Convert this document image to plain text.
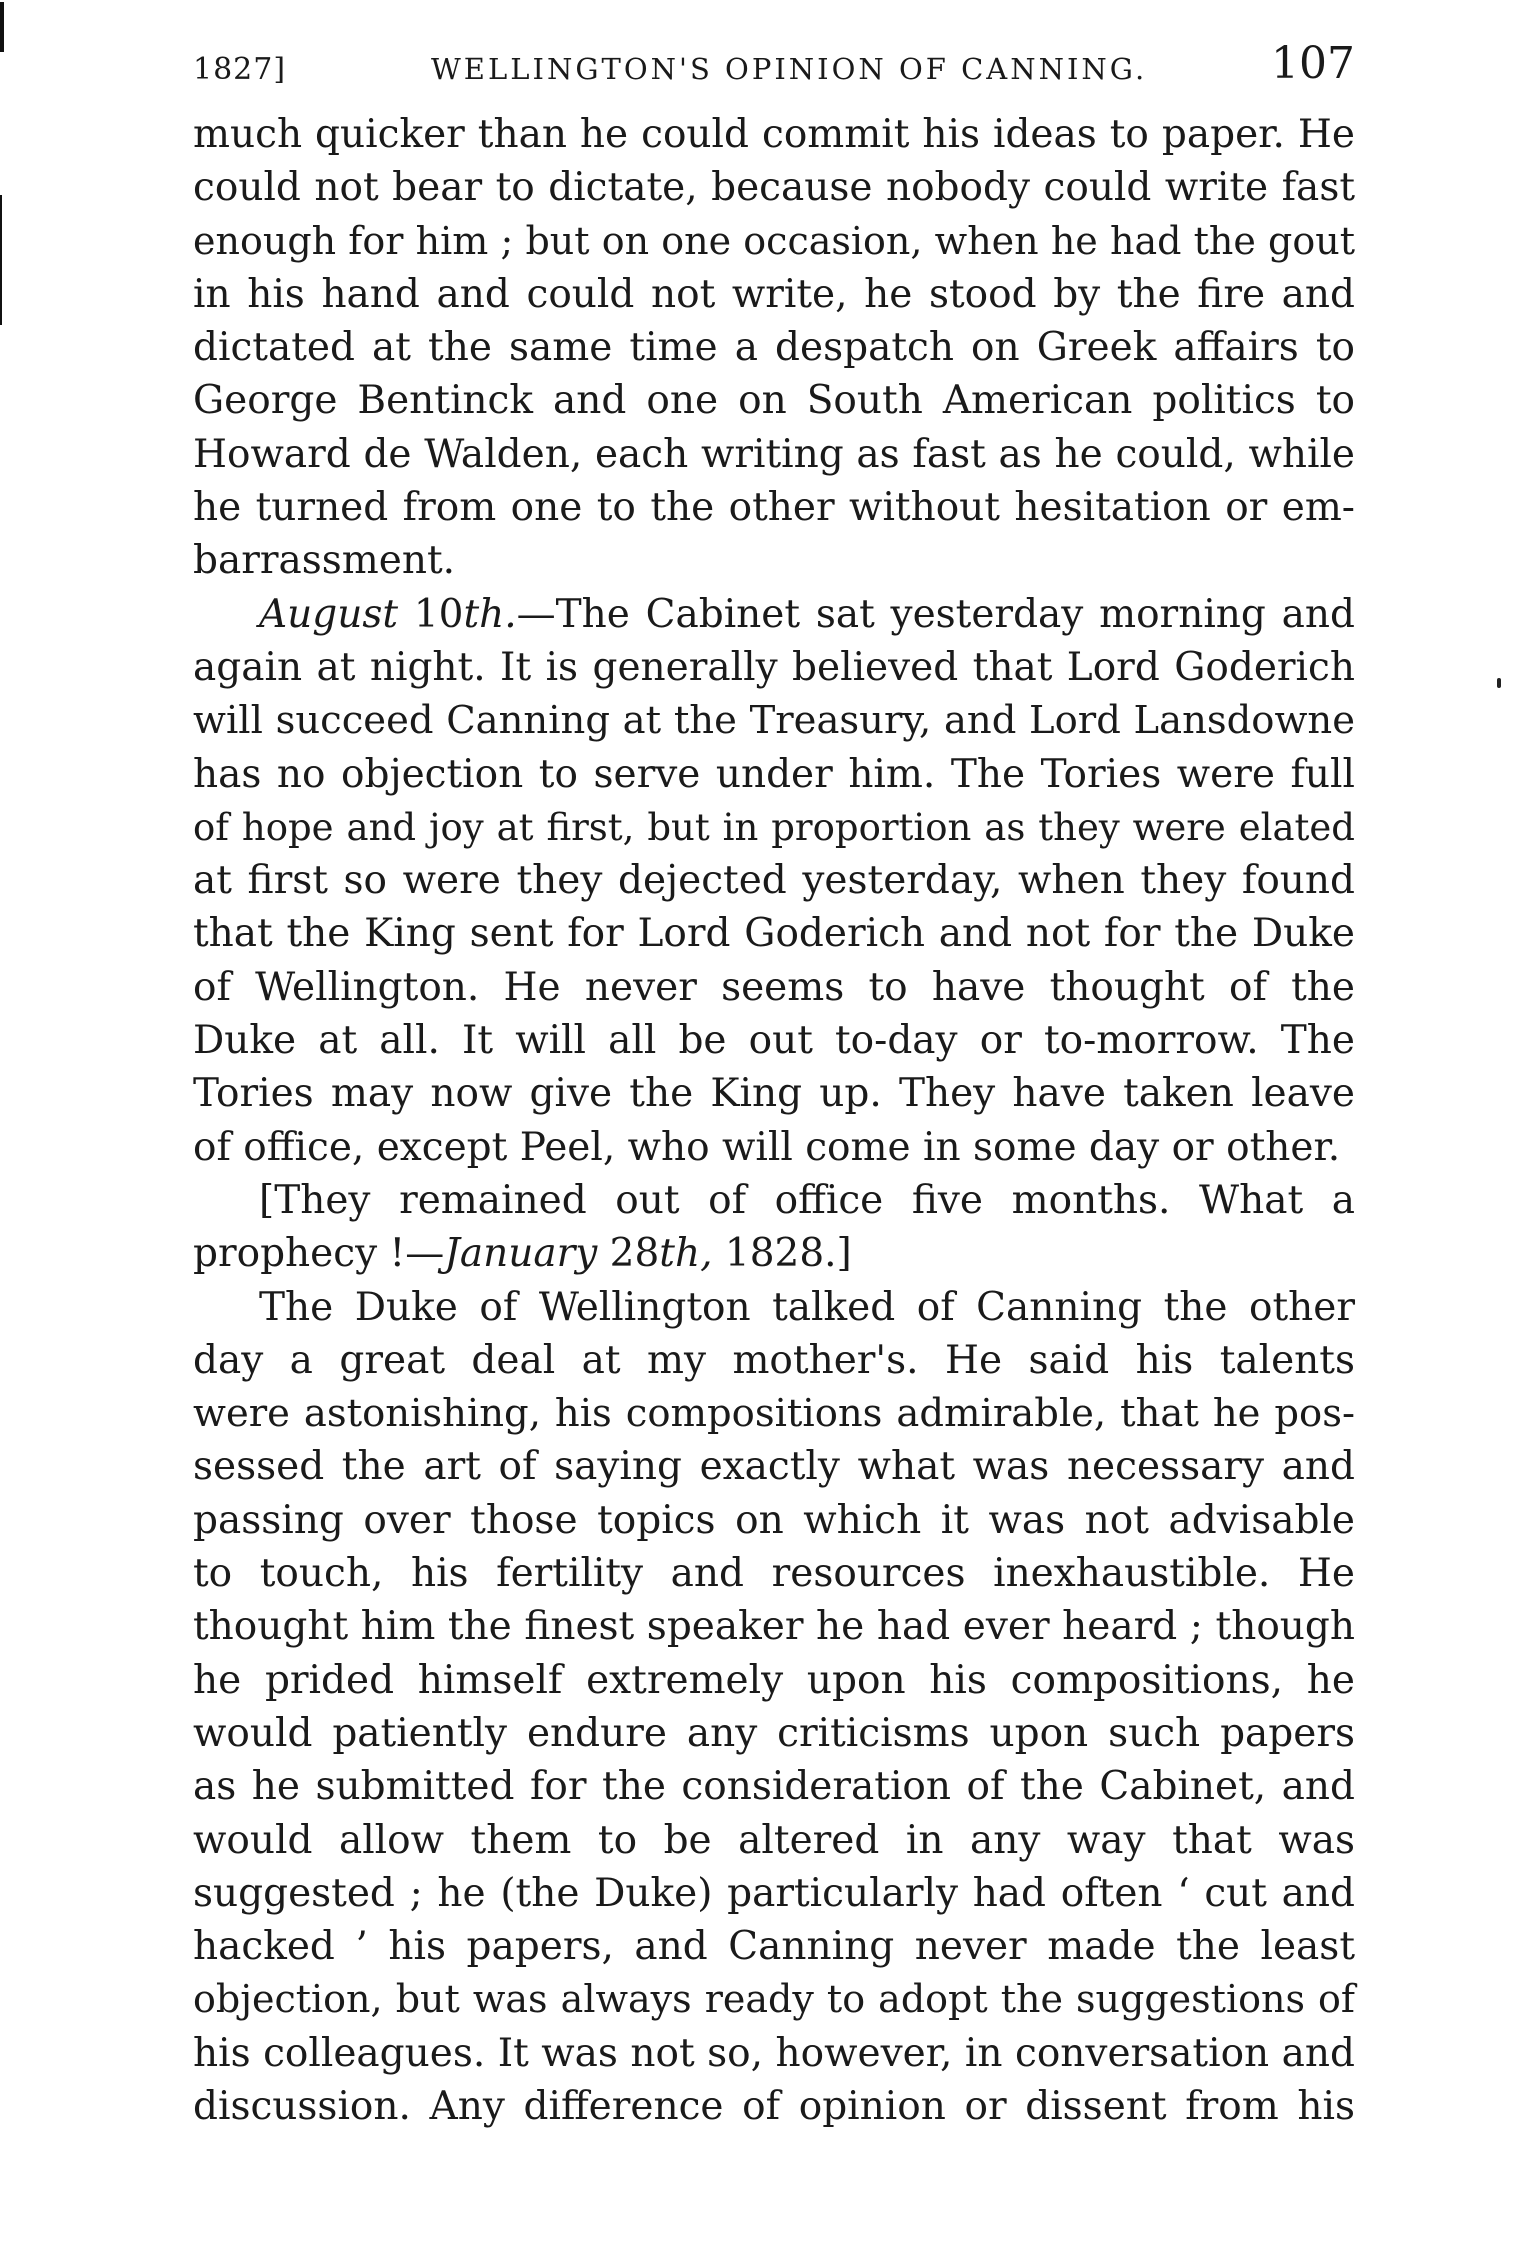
1827]	WELLINGTON'S OPINION OF CANNING.	107
much quicker than he could commit his ideas to paper. He
could not bear to dictate, because nobody could write fast
enough for him ; but on one occasion, when he had the gout
in his hand and could not write, he stood by the fire and
dictated at the same time a despatch on Greek affairs to
George Bentinck and one on South American politics to
Howard de Walden, each writing as fast as he could, while
he turned from one to the other without hesitation or em-
barrassment.
August 10th.—The Cabinet sat yesterday morning and
again at night. It is generally believed that Lord Goderich
will succeed Canning at the Treasury, and Lord Lansdowne
has no objection to serve under him. The Tories were full
of hope and joy at first, but in proportion as they were elated
at first so were they dejected yesterday, when they found
that the King sent for Lord Goderich and not for the Duke
of Wellington. He never seems to have thought of the
Duke at all. It will all be out to-day or to-morrow. The
Tories may now give the King up. They have taken leave
of office, except Peel, who will come in some day or other.
[They remained out of office five months. What a
prophecy !—January 28th, 1828.]
The Duke of Wellington talked of Canning the other
day a great deal at my mother's. He said his talents
were astonishing, his compositions admirable, that he pos-
sessed the art of saying exactly what was necessary and
passing over those topics on which it was not advisable
to touch, his fertility and resources inexhaustible. He
thought him the finest speaker he had ever heard ; though
he prided himself extremely upon his compositions, he
would patiently endure any criticisms upon such papers
as he submitted for the consideration of the Cabinet, and
would allow them to be altered in any way that was
suggested ; he (the Duke) particularly had often ‘ cut and
hacked ’ his papers, and Canning never made the least
objection, but was always ready to adopt the suggestions of
his colleagues. It was not so, however, in conversation and
discussion. Any difference of opinion or dissent from his
